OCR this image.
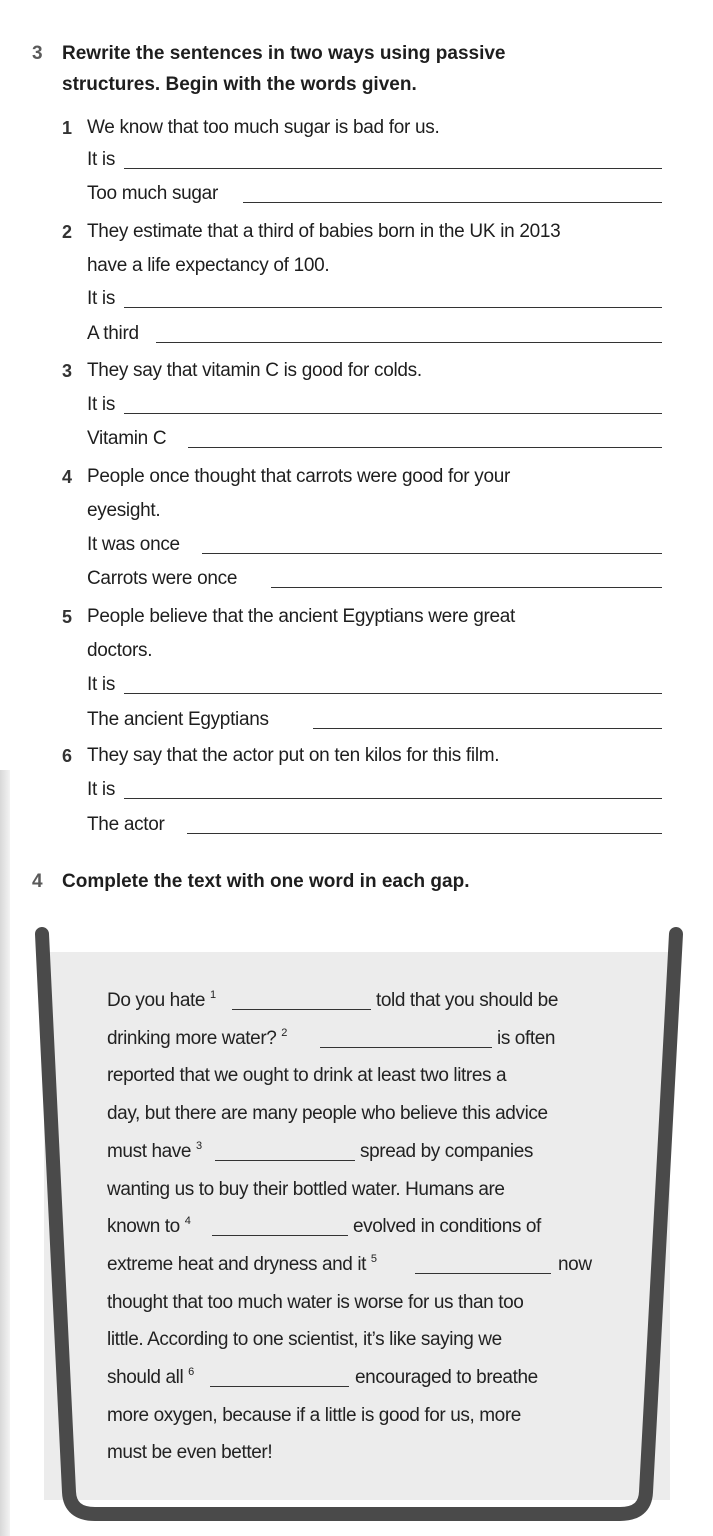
3 Rewrite the sentences in two ways using passive
structures. Begin with the words given.
1 We know that too much sugar is bad for us.
It is
Too much sugar
2 They estimate that a third of babies born in the UK in 2013
have a life expectancy of 100.
It is
A third
3 They say that vitamin C is good for colds.
It is
Vitamin C
4 People once thought that carrots were good for your
eyesight.
It was once
Carrots were once
5 People believe that the ancient Egyptians were great
doctors.
It is
The ancient Egyptians
6 They say that the actor put on ten kilos for this film.
It is
The actor
4 Complete the text with one word in each gap.
Do you hate $^1$	told that you should be
drinking more water? $^2$	is often
reported that we ought to drink at least two litres a
day, but there are many people who believe this advice
must have $^3$	spread by companies
wanting us to buy their bottled water. Humans are
known to $^4$	evolved in conditions of
extreme heat and dryness and it $^5$	now
thought that too much water is worse for us than too
little. According to one scientist, it’s like saying we
should all $^6$	encouraged to breathe
more oxygen, because if a little is good for us, more
must be even better!
